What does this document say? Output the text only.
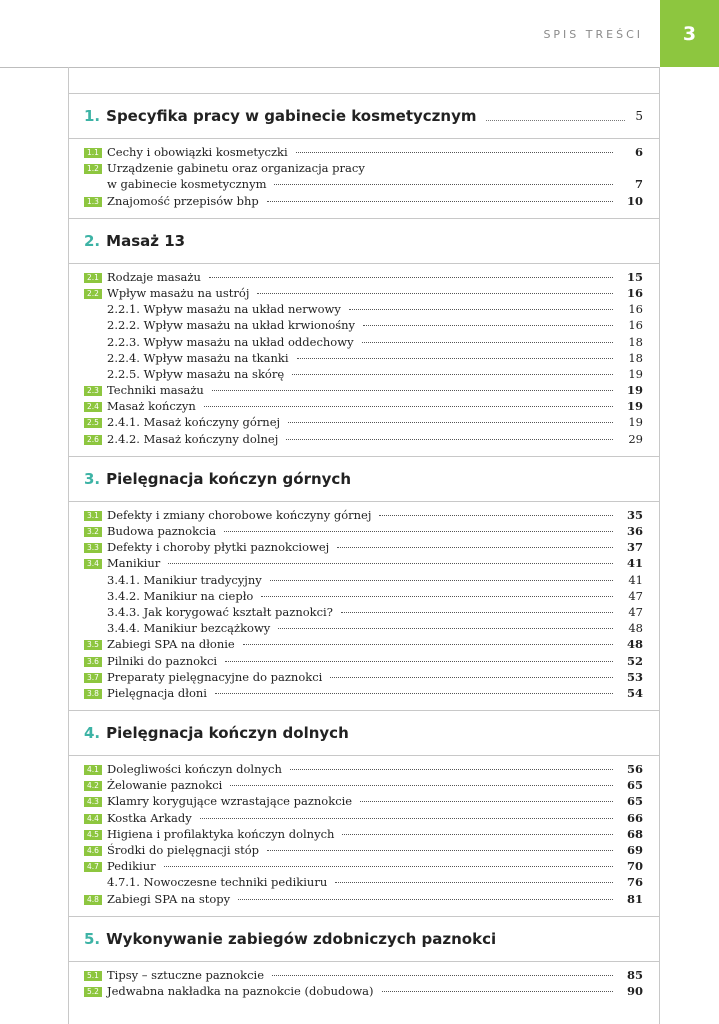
SPIS TREŚCI	3
1. Specyfika pracy w gabinecie kosmetycznym	5
1.1 Cechy i obowiązki kosmetyczki	6
1.2 Urządzenie gabinetu oraz organizacja pracy
w gabinecie kosmetycznym	7
1.3 Znajomość przepisów bhp	10
2. Masaż 13
2.1 Rodzaje masażu	15
2.2 Wpływ masażu na ustrój	16
2.2.1. Wpływ masażu na układ nerwowy	16
2.2.2. Wpływ masażu na układ krwionośny	16
2.2.3. Wpływ masażu na układ oddechowy	18
2.2.4. Wpływ masażu na tkanki	18
2.2.5. Wpływ masażu na skórę	19
2.3 Techniki masażu	19
2.4 Masaż kończyn	19
2.5 2.4.1. Masaż kończyny górnej	19
2.6 2.4.2. Masaż kończyny dolnej	29
3. Pielęgnacja kończyn górnych
3.1 Defekty i zmiany chorobowe kończyny górnej	35
3.2 Budowa paznokcia	36
3.3 Defekty i choroby płytki paznokciowej	37
3.4 Manikiur	41
3.4.1. Manikiur tradycyjny	41
3.4.2. Manikiur na ciepło	47
3.4.3. Jak korygować kształt paznokci?	47
3.4.4. Manikiur bezcążkowy	48
3.5 Zabiegi SPA na dłonie	48
3.6 Pilniki do paznokci	52
3.7 Preparaty pielęgnacyjne do paznokci	53
3.8 Pielęgnacja dłoni	54
4. Pielęgnacja kończyn dolnych
4.1 Dolegliwości kończyn dolnych	56
4.2 Żelowanie paznokci	65
4.3 Klamry korygujące wzrastające paznokcie	65
4.4 Kostka Arkady	66
4.5 Higiena i profilaktyka kończyn dolnych	68
4.6 Środki do pielęgnacji stóp	69
4.7 Pedikiur	70
4.7.1. Nowoczesne techniki pedikiuru	76
4.8 Zabiegi SPA na stopy	81
5. Wykonywanie zabiegów zdobniczych paznokci
5.1 Tipsy – sztuczne paznokcie	85
5.2 Jedwabna nakładka na paznokcie (dobudowa)	90
